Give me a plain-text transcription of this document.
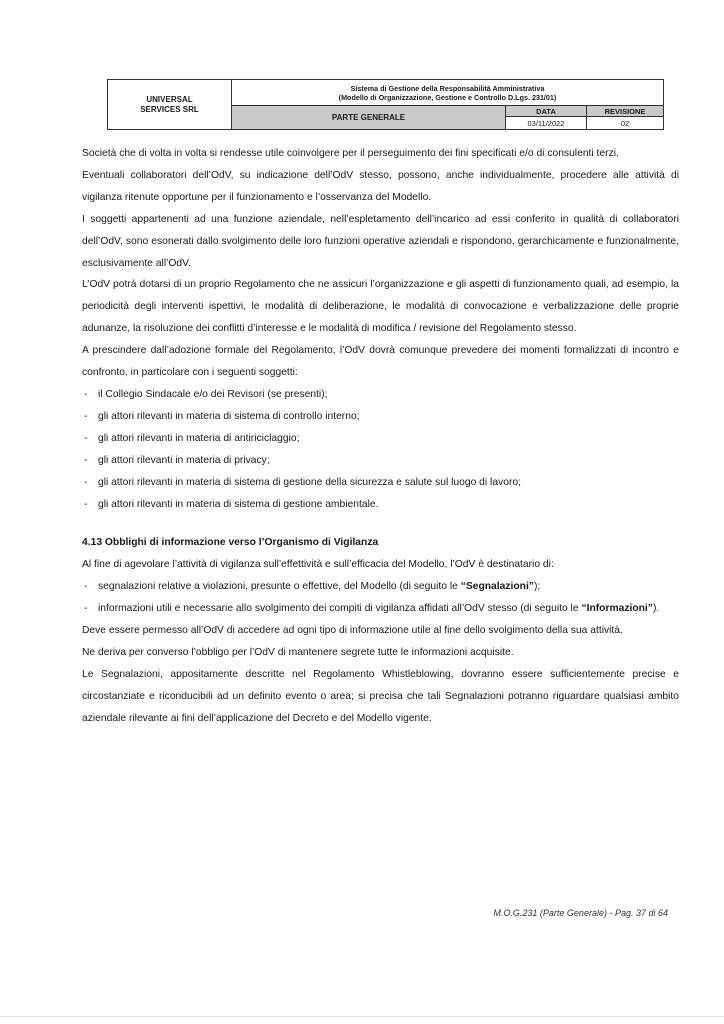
UNIVERSAL
SERVICES SRL
Sistema di Gestione della Responsabilità Amministrativa
(Modello di Organizzazione, Gestione e Controllo D.Lgs. 231/01)
PARTE GENERALE
DATA	REVISIONE
03/11/2022	02

Società che di volta in volta si rendesse utile coinvolgere per il perseguimento dei fini specificati e/o di consulenti terzi.

Eventuali collaboratori dell’OdV, su indicazione dell’OdV stesso, possono, anche individualmente, procedere alle attività di vigilanza ritenute opportune per il funzionamento e l’osservanza del Modello.

I soggetti appartenenti ad una funzione aziendale, nell’espletamento dell’incarico ad essi conferito in qualità di collaboratori dell’OdV, sono esonerati dallo svolgimento delle loro funzioni operative aziendali e rispondono, gerarchicamente e funzionalmente, esclusivamente all’OdV.

L’OdV potrà dotarsi di un proprio Regolamento che ne assicuri l’organizzazione e gli aspetti di funzionamento quali, ad esempio, la periodicità degli interventi ispettivi, le modalità di deliberazione, le modalità di convocazione e verbalizzazione delle proprie adunanze, la risoluzione dei conflitti d’interesse e le modalità di modifica / revisione del Regolamento stesso.

A prescindere dall’adozione formale del Regolamento, l’OdV dovrà comunque prevedere dei momenti formalizzati di incontro e confronto, in particolare con i seguenti soggetti:

- il Collegio Sindacale e/o dei Revisori (se presenti);
- gli attori rilevanti in materia di sistema di controllo interno;
- gli attori rilevanti in materia di antiriciclaggio;
- gli attori rilevanti in materia di privacy;
- gli attori rilevanti in materia di sistema di gestione della sicurezza e salute sul luogo di lavoro;
- gli attori rilevanti in materia di sistema di gestione ambientale.

4.13 Obblighi di informazione verso l’Organismo di Vigilanza

Al fine di agevolare l’attività di vigilanza sull’effettività e sull’efficacia del Modello, l’OdV è destinatario di:

- segnalazioni relative a violazioni, presunte o effettive, del Modello (di seguito le “Segnalazioni”);
- informazioni utili e necessarie allo svolgimento dei compiti di vigilanza affidati all’OdV stesso (di seguito le “Informazioni”).

Deve essere permesso all’OdV di accedere ad ogni tipo di informazione utile al fine dello svolgimento della sua attività.

Ne deriva per converso l’obbligo per l’OdV di mantenere segrete tutte le informazioni acquisite.

Le Segnalazioni, appositamente descritte nel Regolamento Whistleblowing, dovranno essere sufficientemente precise e circostanziate e riconducibili ad un definito evento o area; si precisa che tali Segnalazioni potranno riguardare qualsiasi ambito aziendale rilevante ai fini dell’applicazione del Decreto e del Modello vigente.

M.O.G.231 (Parte Generale) - Pag. 37 di 64
